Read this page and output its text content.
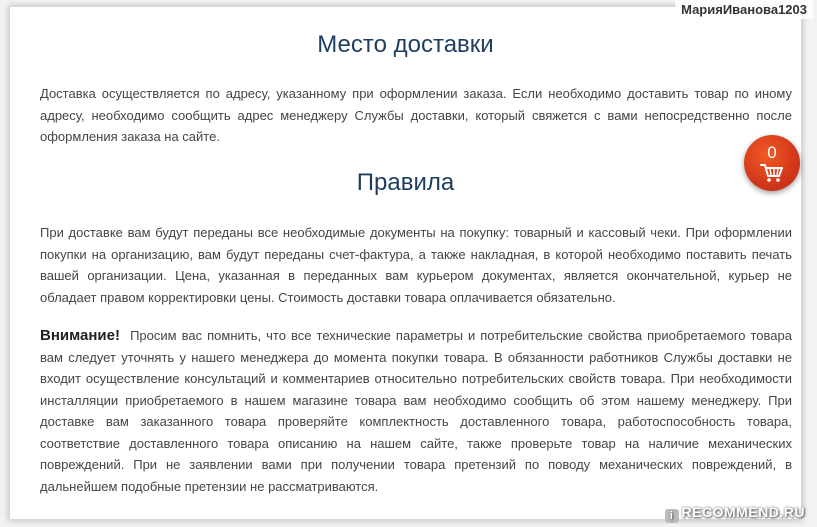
Место доставки

Доставка осуществляется по адресу, указанному при оформлении заказа. Если необходимо доставить товар по иному адресу, необходимо сообщить адрес менеджеру Службы доставки, который свяжется с вами непосредственно после оформления заказа на сайте.

Правила

При доставке вам будут переданы все необходимые документы на покупку: товарный и кассовый чеки. При оформлении покупки на организацию, вам будут переданы счет-фактура, а также накладная, в которой необходимо поставить печать вашей организации. Цена, указанная в переданных вам курьером документах, является окончательной, курьер не обладает правом корректировки цены. Стоимость доставки товара оплачивается обязательно.

Внимание! Просим вас помнить, что все технические параметры и потребительские свойства приобретаемого товара вам следует уточнять у нашего менеджера до момента покупки товара. В обязанности работников Службы доставки не входит осуществление консультаций и комментариев относительно потребительских свойств товара. При необходимости инсталляции приобретаемого в нашем магазине товара вам необходимо сообщить об этом нашему менеджеру. При доставке вам заказанного товара проверяйте комплектность доставленного товара, работоспособность товара, соответствие доставленного товара описанию на нашем сайте, также проверьте товар на наличие механических повреждений. При не заявлении вами при получении товара претензий по поводу механических повреждений, в дальнейшем подобные претензии не рассматриваются.

0
МарияИванова1203
i RECOMMEND.RU
